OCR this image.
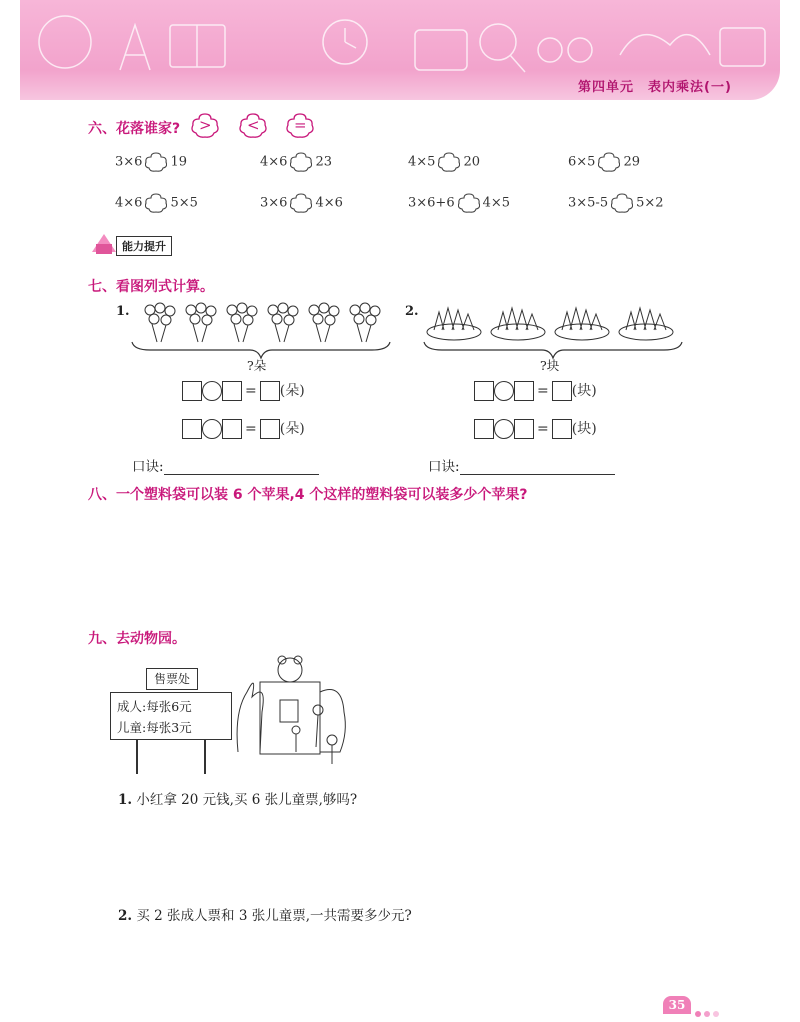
第四单元　表内乘法(一)
六、花落谁家? > < =
3×6 19	4×6 23	4×5 20	6×5 29
4×6 5×5	3×6 4×6	3×6+6 4×5	3×5-5 5×2
能力提升
七、看图列式计算。
1.
?朵
= (朵)
= (朵)
口诀:
2.
?块
= (块)
= (块)
口诀:
八、一个塑料袋可以装 6 个苹果,4 个这样的塑料袋可以装多少个苹果?
九、去动物园。
售票处
成人:每张6元
儿童:每张3元
1. 小红拿 20 元钱,买 6 张儿童票,够吗?
2. 买 2 张成人票和 3 张儿童票,一共需要多少元?
35
